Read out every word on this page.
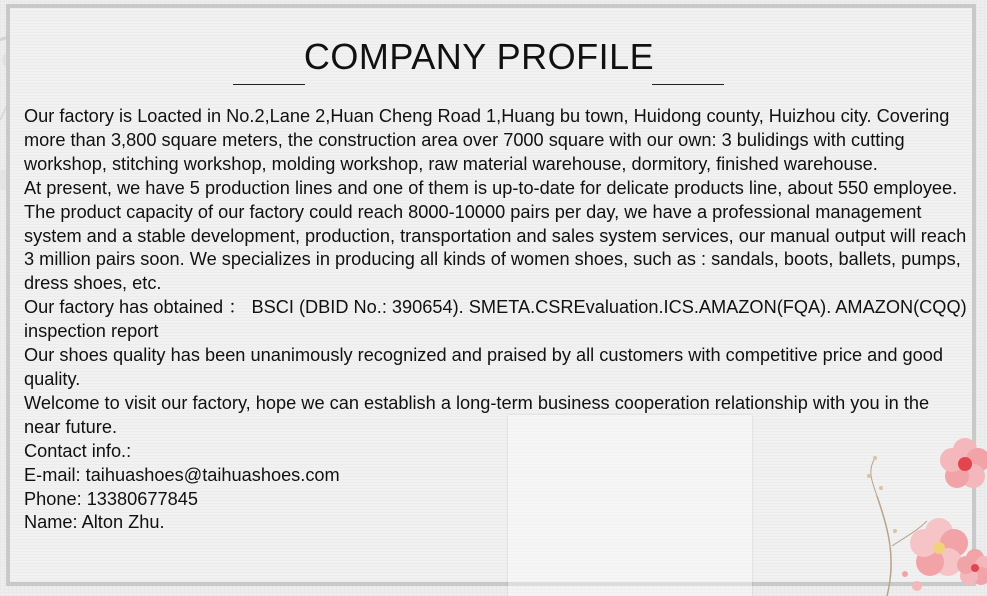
COMPANY PROFILE

Our factory is Loacted in No.2,Lane 2,Huan Cheng Road 1,Huang bu town, Huidong county, Huizhou city. Covering more than 3,800 square meters, the construction area over 7000 square with our own: 3 bulidings with cutting workshop, stitching workshop, molding workshop, raw material warehouse, dormitory, finished warehouse.

At present, we have 5 production lines and one of them is up-to-date for delicate products line, about 550 employee. The product capacity of our factory could reach 8000-10000 pairs per day, we have a professional management system and a stable development, production, transportation and sales system services, our manual output will reach 3 million pairs soon. We specializes in producing all kinds of women shoes, such as : sandals, boots, ballets, pumps, dress shoes, etc.

Our factory has obtained ： BSCI (DBID No.: 390654). SMETA.CSREvaluation.ICS.AMAZON(FQA). AMAZON(CQQ) inspection report

Our shoes quality has been unanimously recognized and praised by all customers with competitive price and good quality.

Welcome to visit our factory, hope we can establish a long-term business cooperation relationship with you in the near future.

Contact info.:

E-mail: taihuashoes@taihuashoes.com

Phone: 13380677845

Name: Alton Zhu.
